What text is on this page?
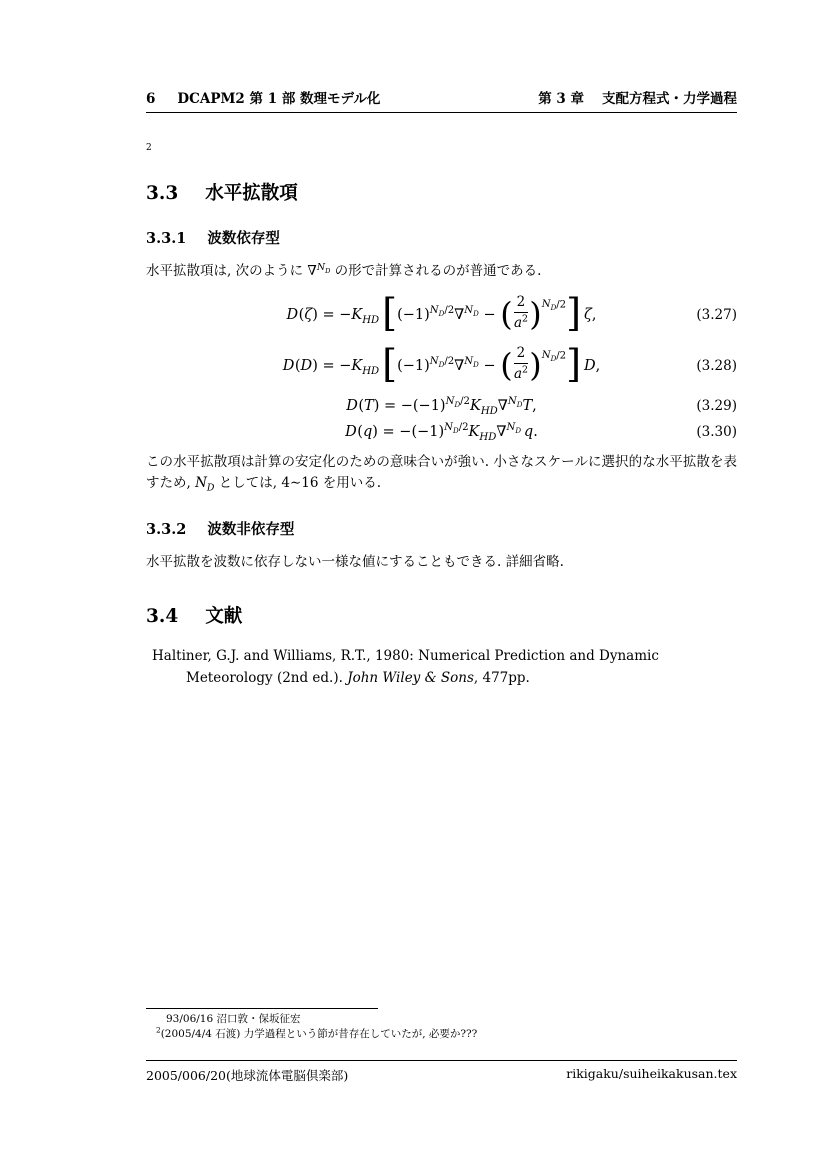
6 DCAPM2 第 1 部 数理モデル化	第 3 章 支配方程式・力学過程
2
3.3 水平拡散項
3.3.1 波数依存型

水平拡散項は, 次のように ∇$^{N_D}$ の形で計算されるのが普通である.

$D(\zeta) = -K_{HD}$ [$(-1)^{N_D/2}\nabla^{N_D}$ − ( $\frac{2}{a^2} )^{N_D/2}$]  ζ,	(3.27)
$D(D) = -K_{HD}$ [$(-1)^{N_D/2}\nabla^{N_D}$ − ( $\frac{2}{a^2} )^{N_D/2}$]  D,	(3.28)
$D(T) = -(-1)^{N_D/2}K_{HD}\nabla^{N_D}T$,	(3.29)
$D(q) = -(-1)^{N_D/2}K_{HD}\nabla^{N_D}$  q.	(3.30)

この水平拡散項は計算の安定化のための意味合いが強い. 小さなスケールに選択的な水平拡散を表すため, $N_D$ としては, 4∼16 を用いる.

3.3.2 波数非依存型

水平拡散を波数に依存しない一様な値にすることもできる. 詳細省略.

3.4 文献

Haltiner, G.J. and Williams, R.T., 1980: Numerical Prediction and Dynamic Meteorology (2nd ed.). John Wiley & Sons, 477pp.

93/06/16 沼口敦・保坂征宏
$^2$(2005/4/4 石渡) 力学過程という節が昔存在していたが, 必要か???
2005/006/20(地球流体電脳倶楽部)	rikigaku/suiheikakusan.tex
